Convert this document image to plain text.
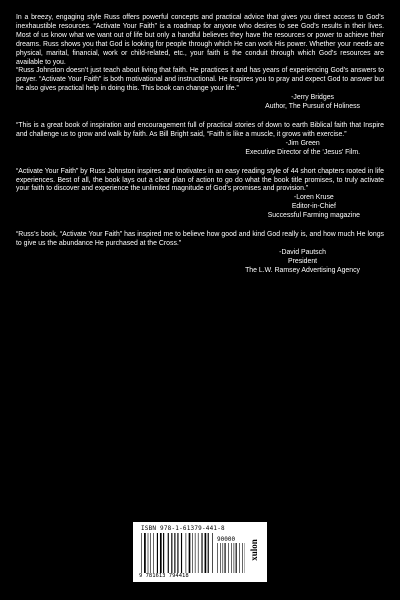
In a breezy, engaging style Russ offers powerful concepts and practical advice that gives you direct access to God’s inexhaustible resources. “Activate Your Faith” is a roadmap for anyone who desires to see God’s results in their lives. Most of us know what we want out of life but only a handful believes they have the resources or power to achieve their dreams. Russ shows you that God is looking for people through which He can work His power. Whether your needs are physical, marital, financial, work or child-related, etc., your faith is the conduit through which God’s resources are available to you.

“Russ Johnston doesn’t just teach about living that faith. He practices it and has years of experiencing God’s answers to prayer. “Activate Your Faith” is both motivational and instructional. He inspires you to pray and expect God to answer but he also gives practical help in doing this. This book can change your life.”

-Jerry Bridges
Author, The Pursuit of Holiness

“This is a great book of inspiration and encouragement full of practical stories of down to earth Biblical faith that Inspire and challenge us to grow and walk by faith. As Bill Bright said, “Faith is like a muscle, it grows with exercise.”

-Jim Green
Executive Director of the ‘Jesus’ Film.

“Activate Your Faith” by Russ Johnston inspires and motivates in an easy reading style of 44 short chapters rooted in life experiences. Best of all, the book lays out a clear plan of action to go do what the book title promises, to truly activate your faith to discover and experience the unlimited magnitude of God’s promises and provision.”

-Loren Kruse
Editor-in-Chief
Successful Farming magazine

“Russ’s book, “Activate Your Faith” has inspired me to believe how good and kind God really is, and how much He longs to give us the abundance He purchased at the Cross.”

-David Pautsch
President
The L.W. Ramsey Advertising Agency
ISBN 978-1-61379-441-8
90000
9 781613 794418
xulon
